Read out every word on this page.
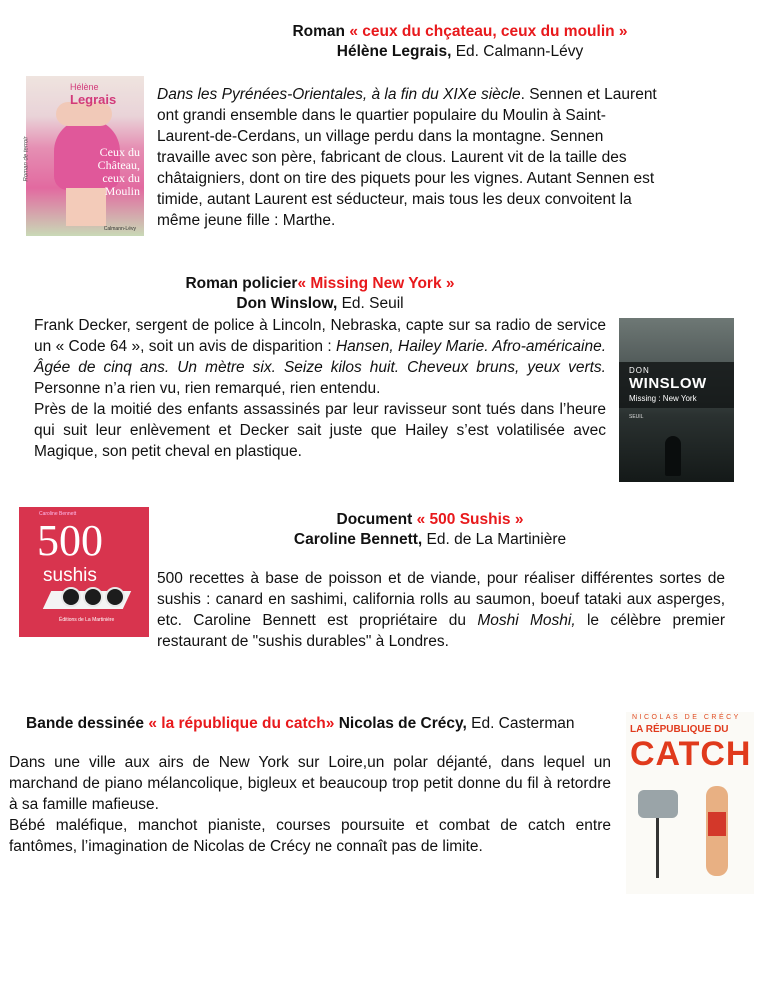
Roman « ceux du chçateau, ceux du moulin »
Hélène Legrais, Ed. Calmann-Lévy
Hélène Legrais
Ceux du
Château,
ceux du
Moulin
Roman de terroir
Calmann-Lévy
Dans les Pyrénées-Orientales, à la fin du XIXe siècle. Sennen et Laurent ont grandi ensemble dans le quartier populaire du Moulin à Saint-Laurent-de-Cerdans, un village perdu dans la montagne. Sennen travaille avec son père, fabricant de clous. Laurent vit de la taille des châtaigniers, dont on tire des piquets pour les vignes. Autant Sennen est timide, autant Laurent est séducteur, mais tous les deux convoitent la même jeune fille : Marthe.
Roman policier« Missing New York »
Don Winslow, Ed. Seuil
Frank Decker, sergent de police à Lincoln, Nebraska, capte sur sa radio de service un « Code 64 », soit un avis de disparition : Hansen, Hailey Marie. Afro-américaine. Âgée de cinq ans. Un mètre six. Seize kilos huit. Cheveux bruns, yeux verts. Personne n’a rien vu, rien remarqué, rien entendu.
Près de la moitié des enfants assassinés par leur ravisseur sont tués dans l’heure qui suit leur enlèvement et Decker sait juste que Hailey s’est volatilisée avec Magique, son petit cheval en plastique.
DON
WINSLOW
Missing : New York
SEUIL
500
sushis
Caroline Bennett
Éditions de La Martinière
Document « 500 Sushis »
Caroline Bennett, Ed. de La Martinière
500 recettes à base de poisson et de viande, pour réaliser différentes sortes de sushis : canard en sashimi, california rolls au saumon, boeuf tataki aux asperges, etc. Caroline Bennett est propriétaire du Moshi Moshi, le célèbre premier restaurant de "sushis durables" à Londres.
Bande dessinée « la république du catch» Nicolas de Crécy, Ed. Casterman
Dans une ville aux airs de New York sur Loire,un polar déjanté, dans lequel un marchand de piano mélancolique, bigleux et beaucoup trop petit donne du fil à retordre à sa famille mafieuse.
Bébé maléfique, manchot pianiste, courses poursuite et combat de catch entre fantômes, l’imagination de Nicolas de Crécy ne connaît pas de limite.
NICOLAS DE CRÉCY
LA RÉPUBLIQUE DU
CATCH
